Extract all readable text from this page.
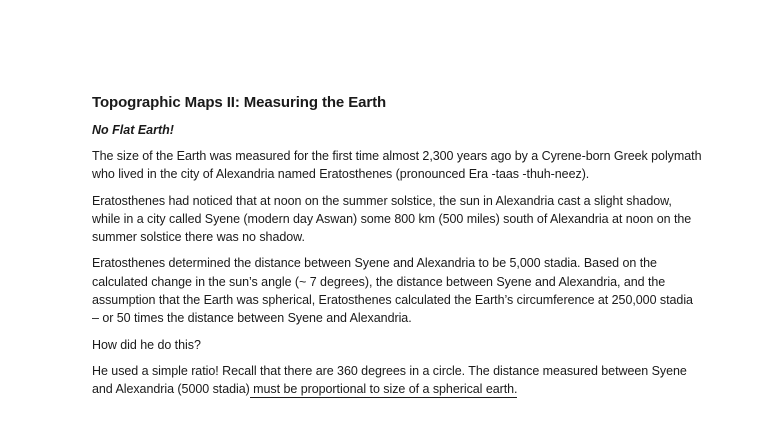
Topographic Maps II: Measuring the Earth

No Flat Earth!

The size of the Earth was measured for the first time almost 2,300 years ago by a Cyrene-born Greek polymath who lived in the city of Alexandria named Eratosthenes (pronounced Era -taas -thuh-neez).

Eratosthenes had noticed that at noon on the summer solstice, the sun in Alexandria cast a slight shadow, while in a city called Syene (modern day Aswan) some 800 km (500 miles) south of Alexandria at noon on the summer solstice there was no shadow.

Eratosthenes determined the distance between Syene and Alexandria to be 5,000 stadia. Based on the calculated change in the sun’s angle (~ 7 degrees), the distance between Syene and Alexandria, and the assumption that the Earth was spherical, Eratosthenes calculated the Earth’s circumference at 250,000 stadia – or 50 times the distance between Syene and Alexandria.

How did he do this?

He used a simple ratio! Recall that there are 360 degrees in a circle. The distance measured between Syene and Alexandria (5000 stadia) must be proportional to size of a spherical earth.
